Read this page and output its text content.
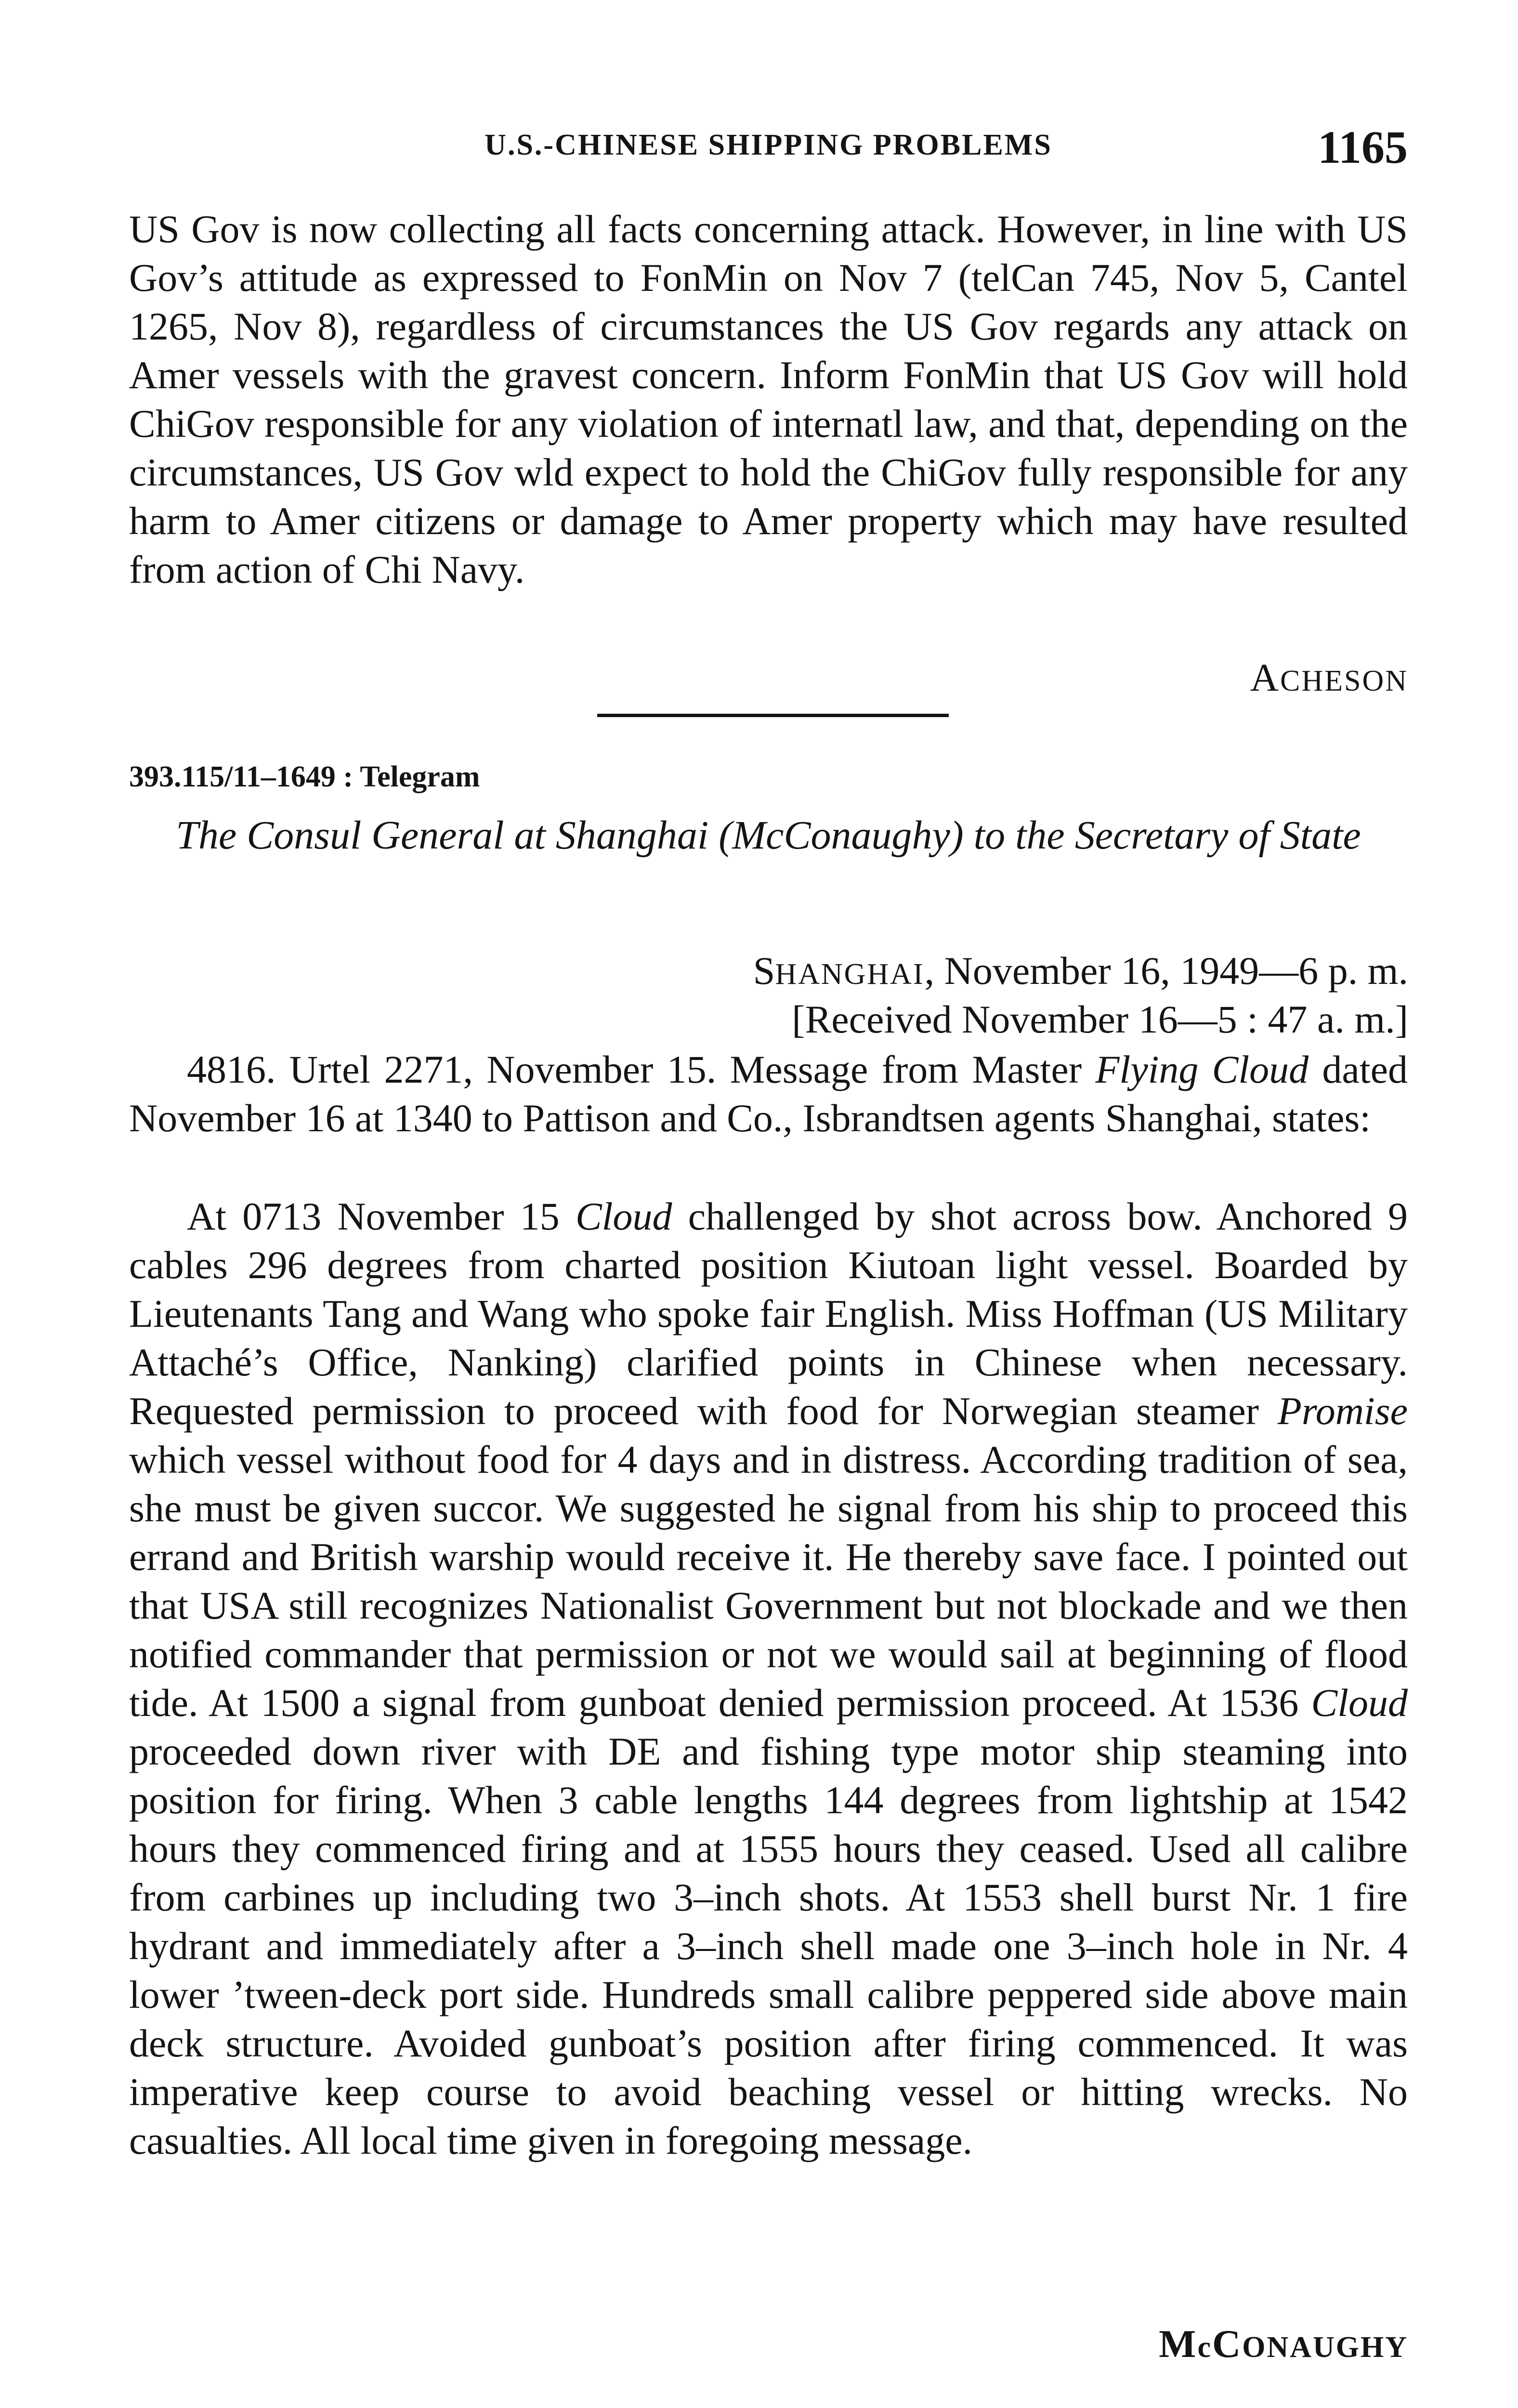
U.S.-CHINESE SHIPPING PROBLEMS	1165

US Gov is now collecting all facts concerning attack. However, in line with US Gov’s attitude as expressed to FonMin on Nov 7 (telCan 745, Nov 5, Cantel 1265, Nov 8), regardless of circumstances the US Gov regards any attack on Amer vessels with the gravest concern. Inform FonMin that US Gov will hold ChiGov responsible for any violation of internatl law, and that, depending on the circumstances, US Gov wld expect to hold the ChiGov fully responsible for any harm to Amer citizens or damage to Amer property which may have resulted from action of Chi Navy.

ACHESON
393.115/11–1649 : Telegram
The Consul General at Shanghai (McConaughy) to the Secretary of State
SHANGHAI, November 16, 1949—6 p. m.
[Received November 16—5 : 47 a. m.]

4816. Urtel 2271, November 15. Message from Master Flying Cloud dated November 16 at 1340 to Pattison and Co., Isbrandtsen agents Shanghai, states:

At 0713 November 15 Cloud challenged by shot across bow. Anchored 9 cables 296 degrees from charted position Kiutoan light vessel. Boarded by Lieutenants Tang and Wang who spoke fair English. Miss Hoffman (US Military Attaché’s Office, Nanking) clarified points in Chinese when necessary. Requested permission to proceed with food for Norwegian steamer Promise which vessel without food for 4 days and in distress. According tradition of sea, she must be given succor. We suggested he signal from his ship to proceed this errand and British warship would receive it. He thereby save face. I pointed out that USA still recognizes Nationalist Government but not blockade and we then notified commander that permission or not we would sail at beginning of flood tide. At 1500 a signal from gunboat denied permission proceed. At 1536 Cloud proceeded down river with DE and fishing type motor ship steaming into position for firing. When 3 cable lengths 144 degrees from lightship at 1542 hours they commenced firing and at 1555 hours they ceased. Used all calibre from carbines up including two 3–inch shots. At 1553 shell burst Nr. 1 fire hydrant and immediately after a 3–inch shell made one 3–inch hole in Nr. 4 lower ’tween-deck port side. Hundreds small calibre peppered side above main deck structure. Avoided gunboat’s position after firing commenced. It was imperative keep course to avoid beaching vessel or hitting wrecks. No casualties. All local time given in foregoing message.

McCONAUGHY
